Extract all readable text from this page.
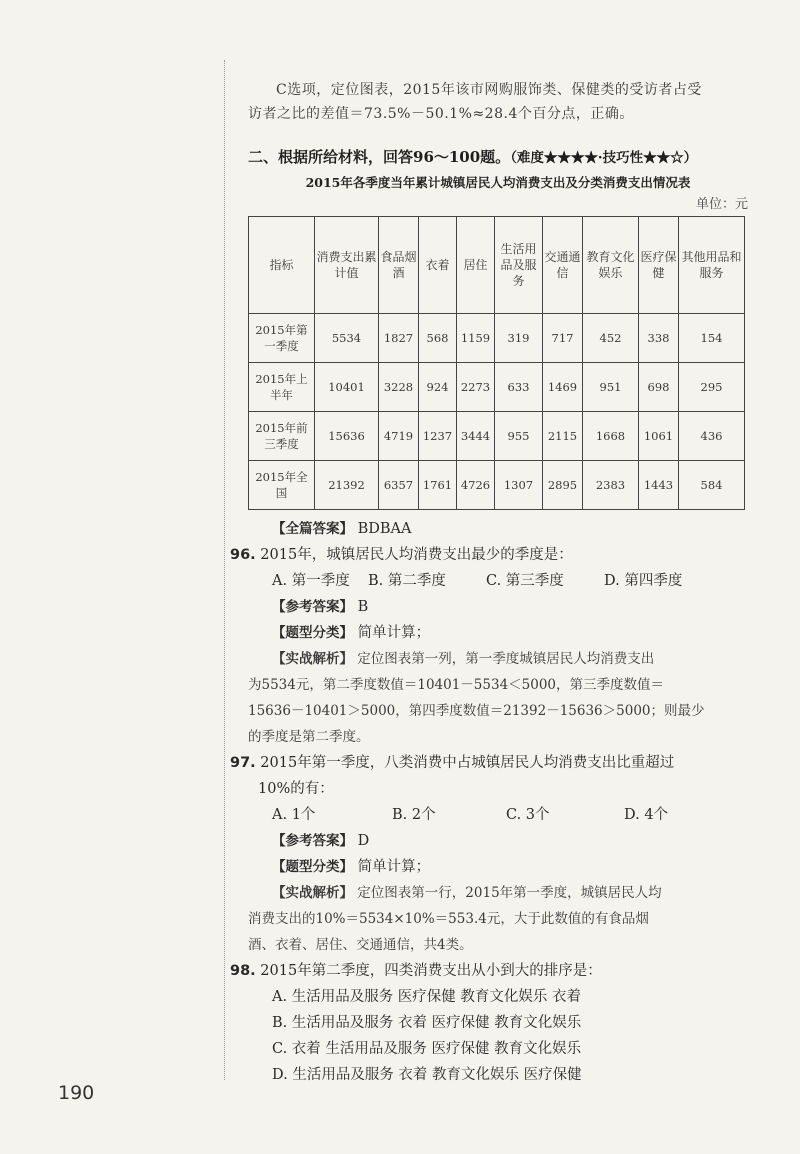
C选项，定位图表，2015年该市网购服饰类、保健类的受访者占受

访者之比的差值＝73.5%－50.1%≈28.4个百分点，正确。

二、根据所给材料，回答96～100题。（难度★★★★·技巧性★★☆）
2015年各季度当年累计城镇居民人均消费支出及分类消费支出情况表
单位：元
指标	消费支出累计值	食品烟酒	衣着	居住	生活用品及服务	交通通信	教育文化娱乐	医疗保健	其他用品和服务
2015年第一季度	5534	1827	568	1159	319	717	452	338	154
2015年上半年	10401	3228	924	2273	633	1469	951	698	295
2015年前三季度	15636	4719	1237	3444	955	2115	1668	1061	436
2015年全国	21392	6357	1761	4726	1307	2895	2383	1443	584
【全篇答案】 BDBAA
96. 2015年，城镇居民人均消费支出最少的季度是：
A. 第一季度	B. 第二季度	C. 第三季度	D. 第四季度
【参考答案】 B
【题型分类】 简单计算；

【实战解析】 定位图表第一列，第一季度城镇居民人均消费支出

为5534元，第二季度数值＝10401－5534＜5000，第三季度数值＝

15636－10401＞5000，第四季度数值＝21392－15636＞5000；则最少

的季度是第二季度。

97. 2015年第一季度，八类消费中占城镇居民人均消费支出比重超过
10%的有：
A. 1个	B. 2个	C. 3个	D. 4个
【参考答案】 D
【题型分类】 简单计算；

【实战解析】 定位图表第一行，2015年第一季度，城镇居民人均

消费支出的10%＝5534×10%＝553.4元，大于此数值的有食品烟

酒、衣着、居住、交通通信，共4类。

98. 2015年第二季度，四类消费支出从小到大的排序是：
A. 生活用品及服务 医疗保健 教育文化娱乐 衣着
B. 生活用品及服务 衣着 医疗保健 教育文化娱乐
C. 衣着 生活用品及服务 医疗保健 教育文化娱乐
D. 生活用品及服务 衣着 教育文化娱乐 医疗保健
190
